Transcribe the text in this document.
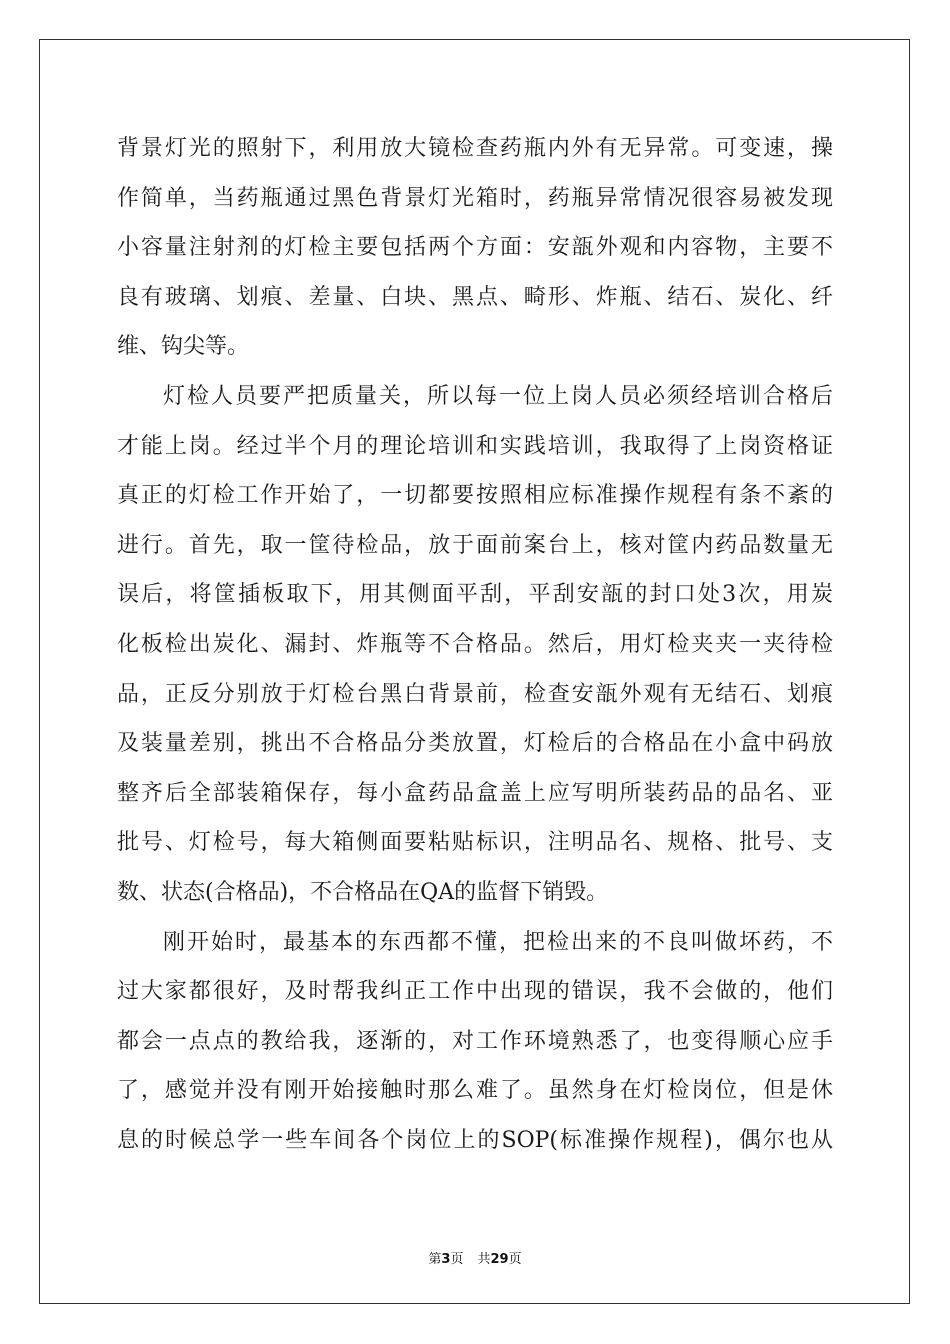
背景灯光的照射下，利用放大镜检查药瓶内外有无异常。可变速，操
作简单，当药瓶通过黑色背景灯光箱时，药瓶异常情况很容易被发现
小容量注射剂的灯检主要包括两个方面：安瓿外观和内容物，主要不
良有玻璃、划痕、差量、白块、黑点、畸形、炸瓶、结石、炭化、纤
维、钩尖等。
灯检人员要严把质量关，所以每一位上岗人员必须经培训合格后
才能上岗。经过半个月的理论培训和实践培训，我取得了上岗资格证
真正的灯检工作开始了，一切都要按照相应标准操作规程有条不紊的
进行。首先，取一筐待检品，放于面前案台上，核对筐内药品数量无
误后，将筐插板取下，用其侧面平刮，平刮安瓿的封口处3次，用炭
化板检出炭化、漏封、炸瓶等不合格品。然后，用灯检夹夹一夹待检
品，正反分别放于灯检台黑白背景前，检查安瓿外观有无结石、划痕
及装量差别，挑出不合格品分类放置，灯检后的合格品在小盒中码放
整齐后全部装箱保存，每小盒药品盒盖上应写明所装药品的品名、亚
批号、灯检号，每大箱侧面要粘贴标识，注明品名、规格、批号、支
数、状态(合格品)，不合格品在QA的监督下销毁。
刚开始时，最基本的东西都不懂，把检出来的不良叫做坏药，不
过大家都很好，及时帮我纠正工作中出现的错误，我不会做的，他们
都会一点点的教给我，逐渐的，对工作环境熟悉了，也变得顺心应手
了，感觉并没有刚开始接触时那么难了。虽然身在灯检岗位，但是休
息的时候总学一些车间各个岗位上的SOP(标准操作规程)，偶尔也从
第3页 共29页
